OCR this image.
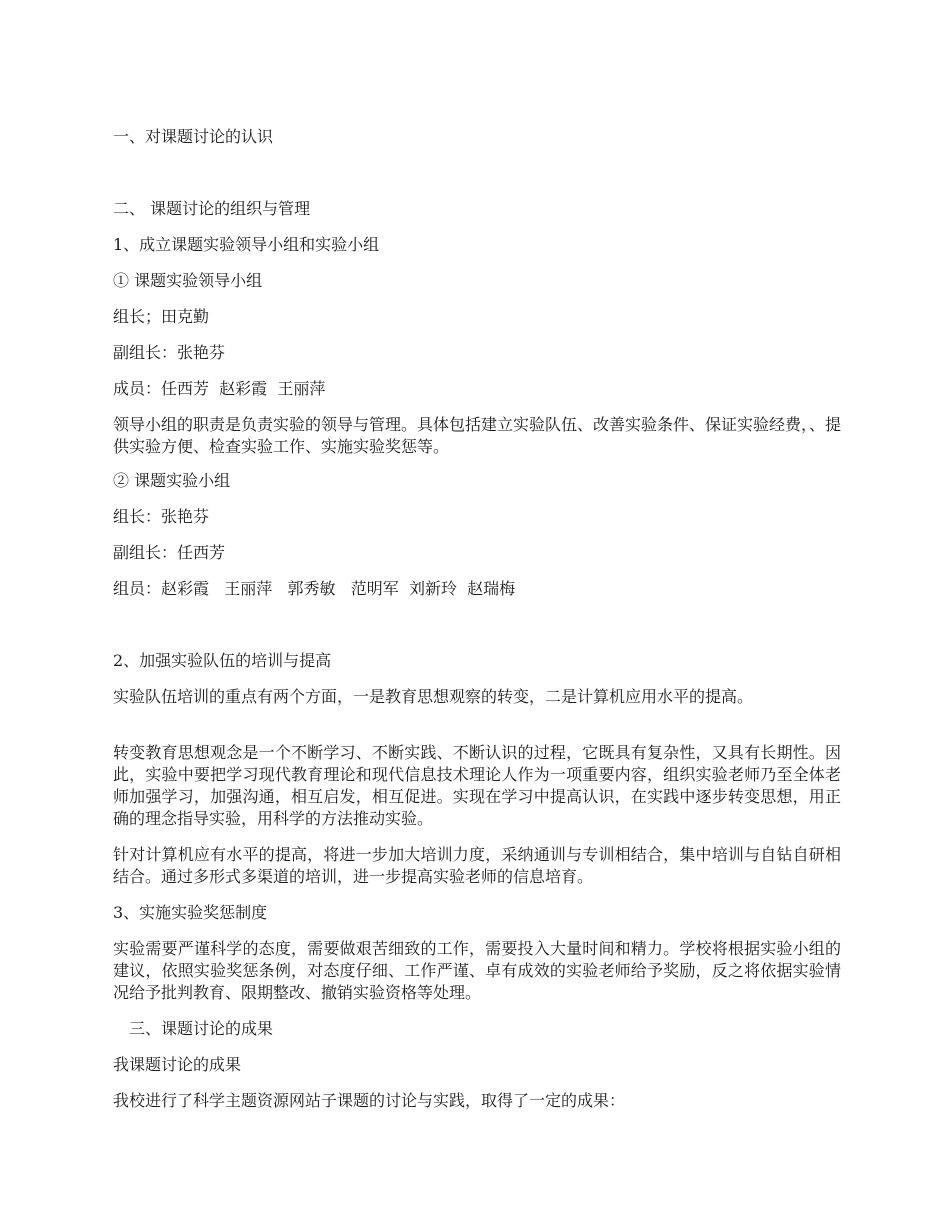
一、对课题讨论的认识

二、 课题讨论的组织与管理

1、成立课题实验领导小组和实验小组

① 课题实验领导小组

组长；田克勤

副组长：张艳芬

成员：任西芳  赵彩霞  王丽萍

领导小组的职责是负责实验的领导与管理。具体包括建立实验队伍、改善实验条件、保证实验经费，、提供实验方便、检查实验工作、实施实验奖惩等。

② 课题实验小组

组长：张艳芬

副组长：任西芳

组员：赵彩霞   王丽萍   郭秀敏   范明军  刘新玲  赵瑞梅

2、加强实验队伍的培训与提高

实验队伍培训的重点有两个方面，一是教育思想观察的转变，二是计算机应用水平的提高。

转变教育思想观念是一个不断学习、不断实践、不断认识的过程，它既具有复杂性，又具有长期性。因此，实验中要把学习现代教育理论和现代信息技术理论人作为一项重要内容，组织实验老师乃至全体老师加强学习，加强沟通，相互启发，相互促进。实现在学习中提高认识，在实践中逐步转变思想，用正确的理念指导实验，用科学的方法推动实验。

针对计算机应有水平的提高，将进一步加大培训力度，采纳通训与专训相结合，集中培训与自钻自研相结合。通过多形式多渠道的培训，进一步提高实验老师的信息培育。

3、实施实验奖惩制度

实验需要严谨科学的态度，需要做艰苦细致的工作，需要投入大量时间和精力。学校将根据实验小组的建议，依照实验奖惩条例，对态度仔细、工作严谨、卓有成效的实验老师给予奖励，反之将依据实验情况给予批判教育、限期整改、撤销实验资格等处理。

三、课题讨论的成果

我课题讨论的成果

我校进行了科学主题资源网站子课题的讨论与实践，取得了一定的成果：
